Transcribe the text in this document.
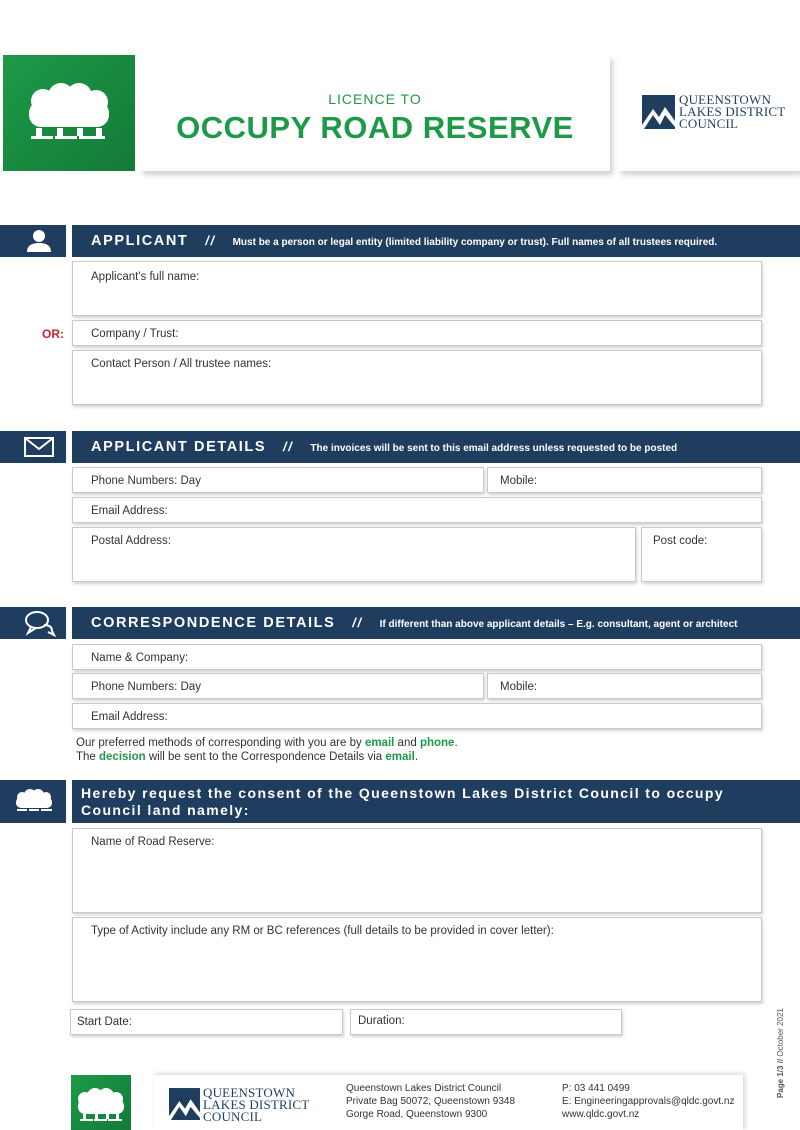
LICENCE TO
OCCUPY ROAD RESERVE
QUEENSTOWN
LAKES DISTRICT
COUNCIL
APPLICANT // Must be a person or legal entity (limited liability company or trust). Full names of all trustees required.
Applicant's full name:
OR: Company / Trust:
Contact Person / All trustee names:
APPLICANT DETAILS // The invoices will be sent to this email address unless requested to be posted
Phone Numbers: Day	Mobile:
Email Address:
Postal Address:	Post code:
CORRESPONDENCE DETAILS // If different than above applicant details – E.g. consultant, agent or architect
Name & Company:
Phone Numbers: Day	Mobile:
Email Address:
Our preferred methods of corresponding with you are by email and phone.
The decision will be sent to the Correspondence Details via email.
Hereby request the consent of the Queenstown Lakes District Council to occupy Council land namely:
Name of Road Reserve:
Type of Activity include any RM or BC references (full details to be provided in cover letter):
Start Date:	Duration:
QUEENSTOWN
LAKES DISTRICT
COUNCIL
Queenstown Lakes District Council
Private Bag 50072, Queenstown 9348
Gorge Road, Queenstown 9300
P: 03 441 0499
E: Engineeringapprovals@qldc.govt.nz
www.qldc.govt.nz
Page 1/3 // October 2021
